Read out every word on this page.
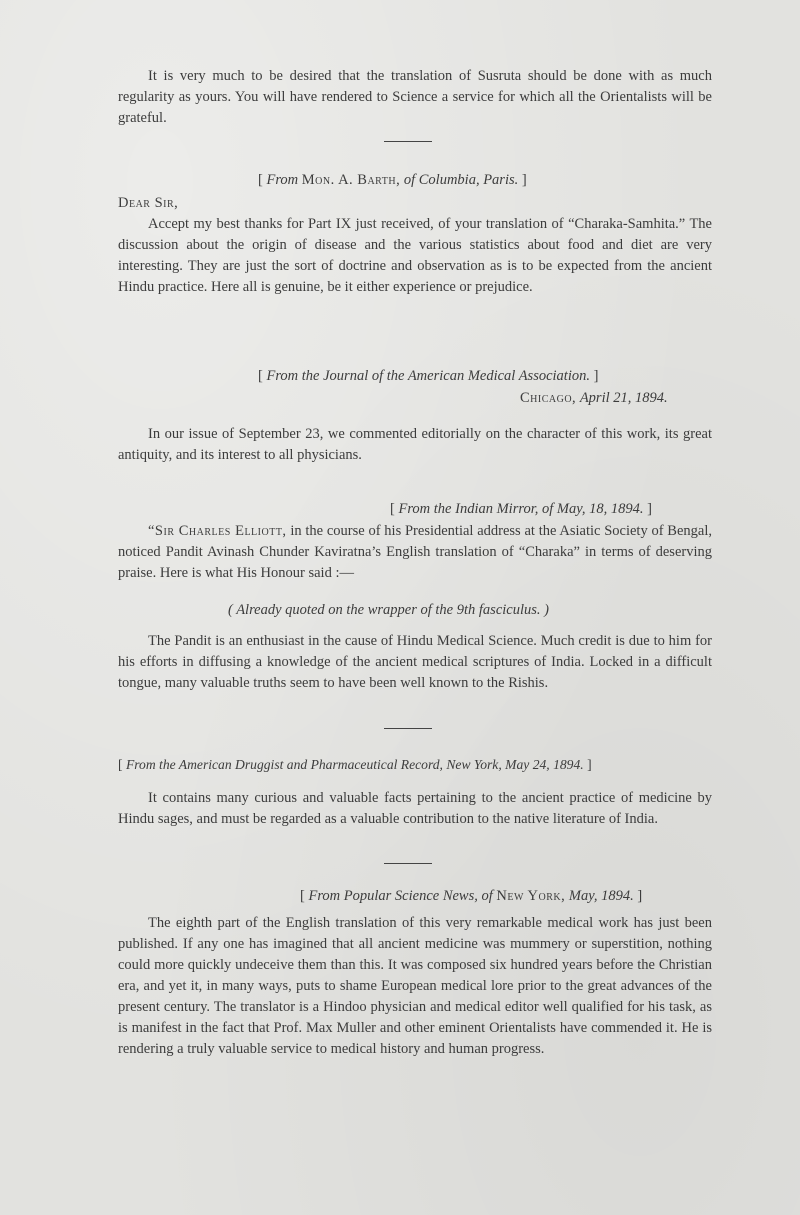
It is very much to be desired that the translation of Susruta should be done with as much regularity as yours. You will have rendered to Science a service for which all the Orientalists will be grateful.

[ From Mon. A. Barth, of Columbia, Paris. ]

Dear Sir,

Accept my best thanks for Part IX just received, of your translation of “Charaka-Samhita.” The discussion about the origin of disease and the various statistics about food and diet are very interesting. They are just the sort of doctrine and observation as is to be expected from the ancient Hindu practice. Here all is genuine, be it either experience or prejudice.

[ From the Journal of the American Medical Association. ]

Chicago, April 21, 1894.

In our issue of September 23, we commented editorially on the character of this work, its great antiquity, and its interest to all physicians.

[ From the Indian Mirror, of May, 18, 1894. ]

“Sir Charles Elliott, in the course of his Presidential address at the Asiatic Society of Bengal, noticed Pandit Avinash Chunder Kaviratna’s English translation of “Charaka” in terms of deserving praise. Here is what His Honour said :—

( Already quoted on the wrapper of the 9th fasciculus. )

The Pandit is an enthusiast in the cause of Hindu Medical Science. Much credit is due to him for his efforts in diffusing a knowledge of the ancient medical scriptures of India. Locked in a difficult tongue, many valuable truths seem to have been well known to the Rishis.

[ From the American Druggist and Pharmaceutical Record, New York, May 24, 1894. ]

It contains many curious and valuable facts pertaining to the ancient practice of medicine by Hindu sages, and must be regarded as a valuable contribution to the native literature of India.

[ From Popular Science News, of New York, May, 1894. ]

The eighth part of the English translation of this very remarkable medical work has just been published. If any one has imagined that all ancient medicine was mummery or superstition, nothing could more quickly undeceive them than this. It was composed six hundred years before the Christian era, and yet it, in many ways, puts to shame European medical lore prior to the great advances of the present century. The translator is a Hindoo physician and medical editor well qualified for his task, as is manifest in the fact that Prof. Max Muller and other eminent Orientalists have commended it. He is rendering a truly valuable service to medical history and human progress.
